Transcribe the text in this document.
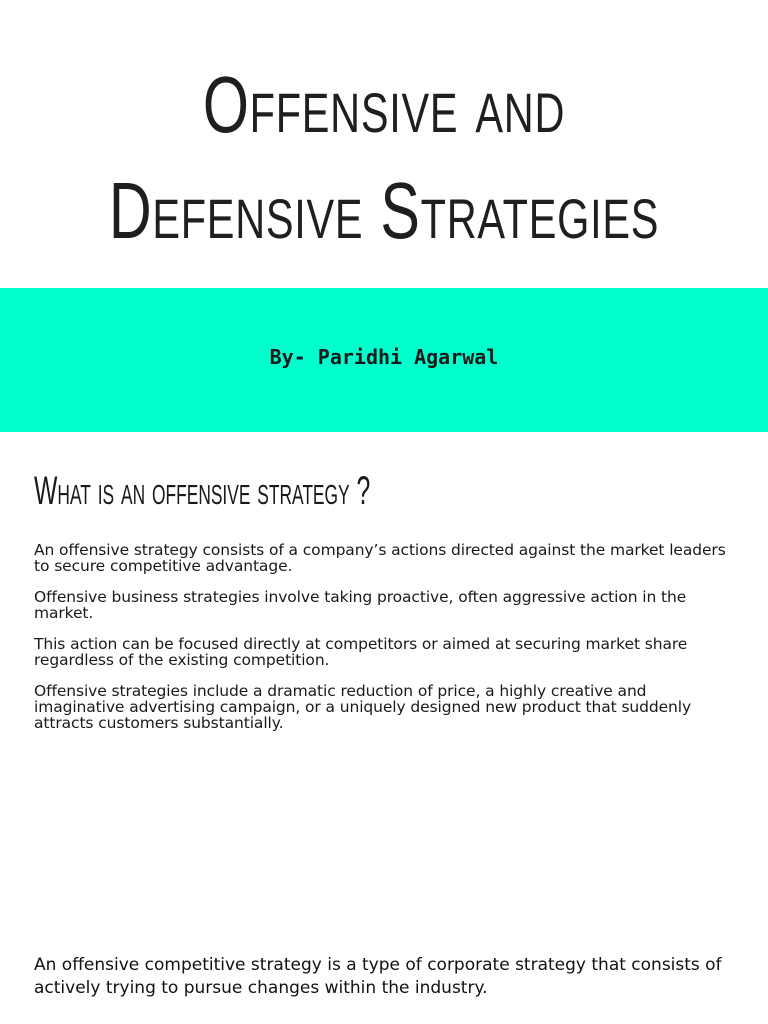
Offensive and Defensive Strategies
By- Paridhi Agarwal
What is an offensive strategy ?

An offensive strategy consists of a company’s actions directed against the market leaders to secure competitive advantage.

Offensive business strategies involve taking proactive, often aggressive action in the market.

This action can be focused directly at competitors or aimed at securing market share regardless of the existing competition.

Offensive strategies include a dramatic reduction of price, a highly creative and imaginative advertising campaign, or a uniquely designed new product that suddenly attracts customers substantially.

An offensive competitive strategy is a type of corporate strategy that consists of actively trying to pursue changes within the industry.
